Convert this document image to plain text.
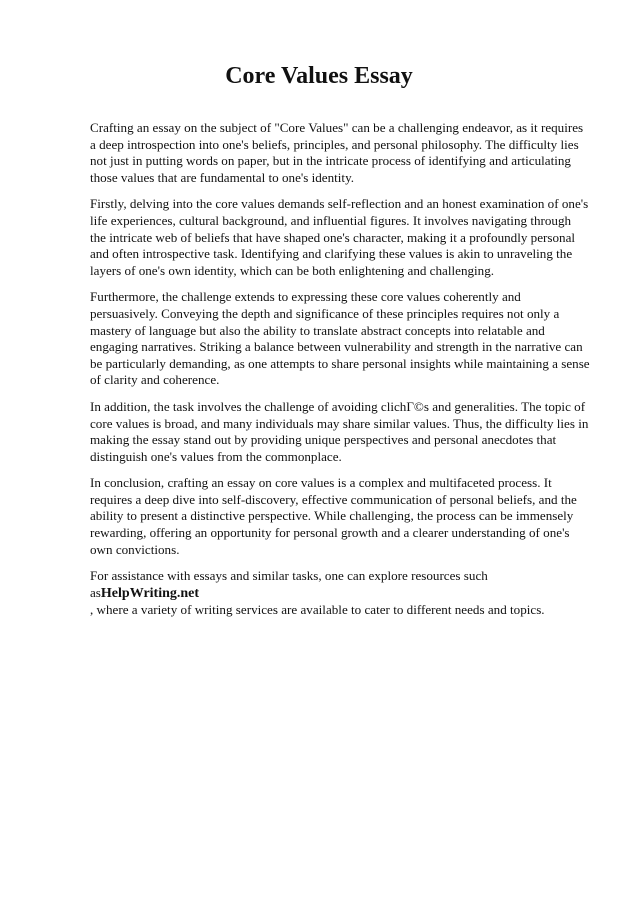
Core Values Essay

Crafting an essay on the subject of "Core Values" can be a challenging endeavor, as it requires a deep introspection into one's beliefs, principles, and personal philosophy. The difficulty lies not just in putting words on paper, but in the intricate process of identifying and articulating those values that are fundamental to one's identity.

Firstly, delving into the core values demands self-reflection and an honest examination of one's life experiences, cultural background, and influential figures. It involves navigating through the intricate web of beliefs that have shaped one's character, making it a profoundly personal and often introspective task. Identifying and clarifying these values is akin to unraveling the layers of one's own identity, which can be both enlightening and challenging.

Furthermore, the challenge extends to expressing these core values coherently and persuasively. Conveying the depth and significance of these principles requires not only a mastery of language but also the ability to translate abstract concepts into relatable and engaging narratives. Striking a balance between vulnerability and strength in the narrative can be particularly demanding, as one attempts to share personal insights while maintaining a sense of clarity and coherence.

In addition, the task involves the challenge of avoiding clichΓ©s and generalities. The topic of core values is broad, and many individuals may share similar values. Thus, the difficulty lies in making the essay stand out by providing unique perspectives and personal anecdotes that distinguish one's values from the commonplace.

In conclusion, crafting an essay on core values is a complex and multifaceted process. It requires a deep dive into self-discovery, effective communication of personal beliefs, and the ability to present a distinctive perspective. While challenging, the process can be immensely rewarding, offering an opportunity for personal growth and a clearer understanding of one's own convictions.

For assistance with essays and similar tasks, one can explore resources such asHelpWriting.net
, where a variety of writing services are available to cater to different needs and topics.
